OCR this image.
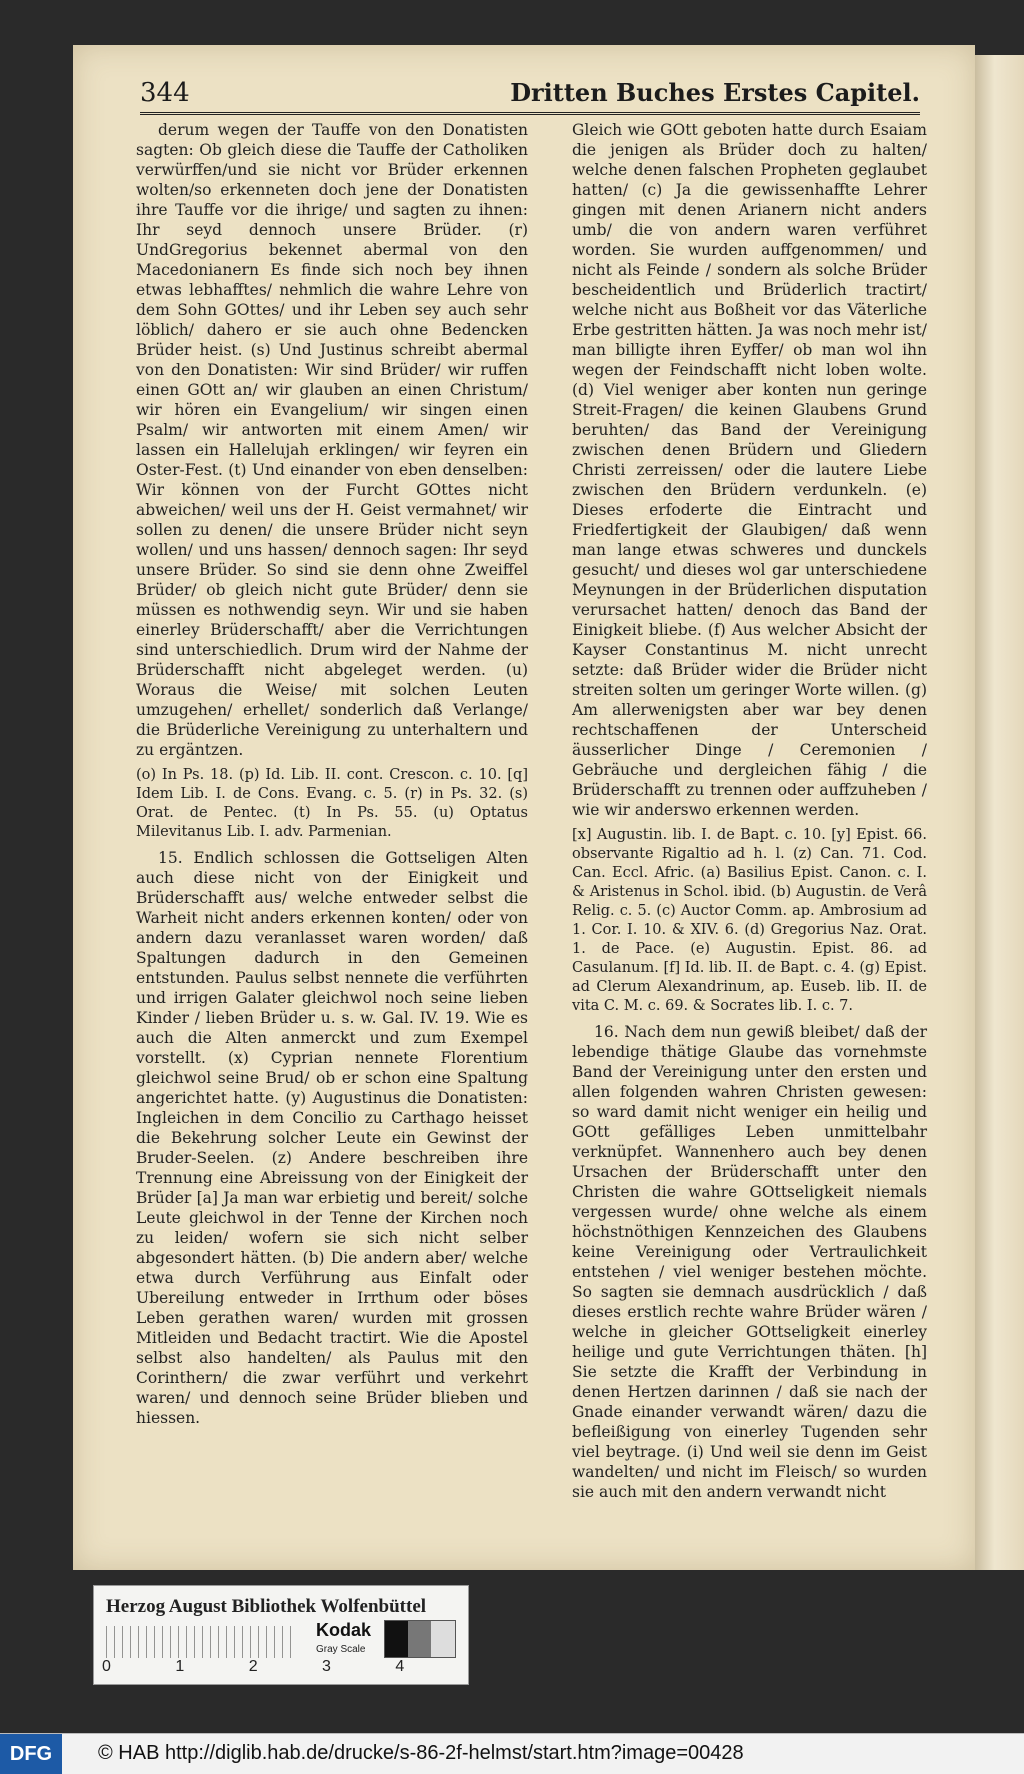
344	Dritten Buches Erstes Capitel.

derum wegen der Tauffe von den Donatisten sagten: Ob gleich diese die Tauffe der Catholiken verwürffen/und sie nicht vor Brüder erkennen wolten/so erkenneten doch jene der Donatisten ihre Tauffe vor die ihrige/ und sagten zu ihnen: Ihr seyd dennoch unsere Brüder. (r) UndGregorius bekennet abermal von den Macedonianern Es finde sich noch bey ihnen etwas lebhafftes/ nehmlich die wahre Lehre von dem Sohn GOttes/ und ihr Leben sey auch sehr löblich/ dahero er sie auch ohne Bedencken Brüder heist. (s) Und Justinus schreibt abermal von den Donatisten: Wir sind Brüder/ wir ruffen einen GOtt an/ wir glauben an einen Christum/ wir hören ein Evangelium/ wir singen einen Psalm/ wir antworten mit einem Amen/ wir lassen ein Hallelujah erklingen/ wir feyren ein Oster-Fest. (t) Und einander von eben denselben: Wir können von der Furcht GOttes nicht abweichen/ weil uns der H. Geist vermahnet/ wir sollen zu denen/ die unsere Brüder nicht seyn wollen/ und uns hassen/ dennoch sagen: Ihr seyd unsere Brüder. So sind sie denn ohne Zweiffel Brüder/ ob gleich nicht gute Brüder/ denn sie müssen es nothwendig seyn. Wir und sie haben einerley Brüderschafft/ aber die Verrichtungen sind unterschiedlich. Drum wird der Nahme der Brüderschafft nicht abgeleget werden. (u) Woraus die Weise/ mit solchen Leuten umzugehen/ erhellet/ sonderlich daß Verlange/ die Brüderliche Vereinigung zu unterhaltern und zu ergäntzen.

(o) In Ps. 18. (p) Id. Lib. II. cont. Crescon. c. 10. [q] Idem Lib. I. de Cons. Evang. c. 5. (r) in Ps. 32. (s) Orat. de Pentec. (t) In Ps. 55. (u) Optatus Milevitanus Lib. I. adv. Parmenian.

15. Endlich schlossen die Gottseligen Alten auch diese nicht von der Einigkeit und Brüderschafft aus/ welche entweder selbst die Warheit nicht anders erkennen konten/ oder von andern dazu veranlasset waren worden/ daß Spaltungen dadurch in den Gemeinen entstunden. Paulus selbst nennete die verführten und irrigen Galater gleichwol noch seine lieben Kinder / lieben Brüder u. s. w. Gal. IV. 19. Wie es auch die Alten anmerckt und zum Exempel vorstellt. (x) Cyprian nennete Florentium gleichwol seine Brud/ ob er schon eine Spaltung angerichtet hatte. (y) Augustinus die Donatisten: Ingleichen in dem Concilio zu Carthago heisset die Bekehrung solcher Leute ein Gewinst der Bruder-Seelen. (z) Andere beschreiben ihre Trennung eine Abreissung von der Einigkeit der Brüder [a] Ja man war erbietig und bereit/ solche Leute gleichwol in der Tenne der Kirchen noch zu leiden/ wofern sie sich nicht selber abgesondert hätten. (b) Die andern aber/ welche etwa durch Verführung aus Einfalt oder Ubereilung entweder in Irrthum oder böses Leben gerathen waren/ wurden mit grossen Mitleiden und Bedacht tractirt. Wie die Apostel selbst also handelten/ als Paulus mit den Corinthern/ die zwar verführt und verkehrt waren/ und dennoch seine Brüder blieben und hiessen.

Gleich wie GOtt geboten hatte durch Esaiam die jenigen als Brüder doch zu halten/ welche denen falschen Propheten geglaubet hatten/ (c) Ja die gewissenhaffte Lehrer gingen mit denen Arianern nicht anders umb/ die von andern waren verführet worden. Sie wurden auffgenommen/ und nicht als Feinde / sondern als solche Brüder bescheidentlich und Brüderlich tractirt/ welche nicht aus Boßheit vor das Väterliche Erbe gestritten hätten. Ja was noch mehr ist/ man billigte ihren Eyffer/ ob man wol ihn wegen der Feindschafft nicht loben wolte. (d) Viel weniger aber konten nun geringe Streit-Fragen/ die keinen Glaubens Grund beruhten/ das Band der Vereinigung zwischen denen Brüdern und Gliedern Christi zerreissen/ oder die lautere Liebe zwischen den Brüdern verdunkeln. (e) Dieses erfoderte die Eintracht und Friedfertigkeit der Glaubigen/ daß wenn man lange etwas schweres und dunckels gesucht/ und dieses wol gar unterschiedene Meynungen in der Brüderlichen disputation verursachet hatten/ denoch das Band der Einigkeit bliebe. (f) Aus welcher Absicht der Kayser Constantinus M. nicht unrecht setzte: daß Brüder wider die Brüder nicht streiten solten um geringer Worte willen. (g) Am allerwenigsten aber war bey denen rechtschaffenen der Unterscheid äusserlicher Dinge / Ceremonien / Gebräuche und dergleichen fähig / die Brüderschafft zu trennen oder auffzuheben / wie wir anderswo erkennen werden.

[x] Augustin. lib. I. de Bapt. c. 10. [y] Epist. 66. observante Rigaltio ad h. l. (z) Can. 71. Cod. Can. Eccl. Afric. (a) Basilius Epist. Canon. c. I. & Aristenus in Schol. ibid. (b) Augustin. de Verâ Relig. c. 5. (c) Auctor Comm. ap. Ambrosium ad 1. Cor. I. 10. & XIV. 6. (d) Gregorius Naz. Orat. 1. de Pace. (e) Augustin. Epist. 86. ad Casulanum. [f] Id. lib. II. de Bapt. c. 4. (g) Epist. ad Clerum Alexandrinum, ap. Euseb. lib. II. de vita C. M. c. 69. & Socrates lib. I. c. 7.

16. Nach dem nun gewiß bleibet/ daß der lebendige thätige Glaube das vornehmste Band der Vereinigung unter den ersten und allen folgenden wahren Christen gewesen: so ward damit nicht weniger ein heilig und GOtt gefälliges Leben unmittelbahr verknüpfet. Wannenhero auch bey denen Ursachen der Brüderschafft unter den Christen die wahre GOttseligkeit niemals vergessen wurde/ ohne welche als einem höchstnöthigen Kennzeichen des Glaubens keine Vereinigung oder Vertraulichkeit entstehen / viel weniger bestehen möchte. So sagten sie demnach ausdrücklich / daß dieses erstlich rechte wahre Brüder wären / welche in gleicher GOttseligkeit einerley heilige und gute Verrichtungen thäten. [h] Sie setzte die Krafft der Verbindung in denen Hertzen darinnen / daß sie nach der Gnade einander verwandt wären/ dazu die befleißigung von einerley Tugenden sehr viel beytrage. (i) Und weil sie denn im Geist wandelten/ und nicht im Fleisch/ so wurden sie auch mit den andern verwandt nicht

Herzog August Bibliothek Wolfenbüttel
0 1 2 3 4
Kodak
Gray Scale
DFG	© HAB http://diglib.hab.de/drucke/s-86-2f-helmst/start.htm?image=00428
